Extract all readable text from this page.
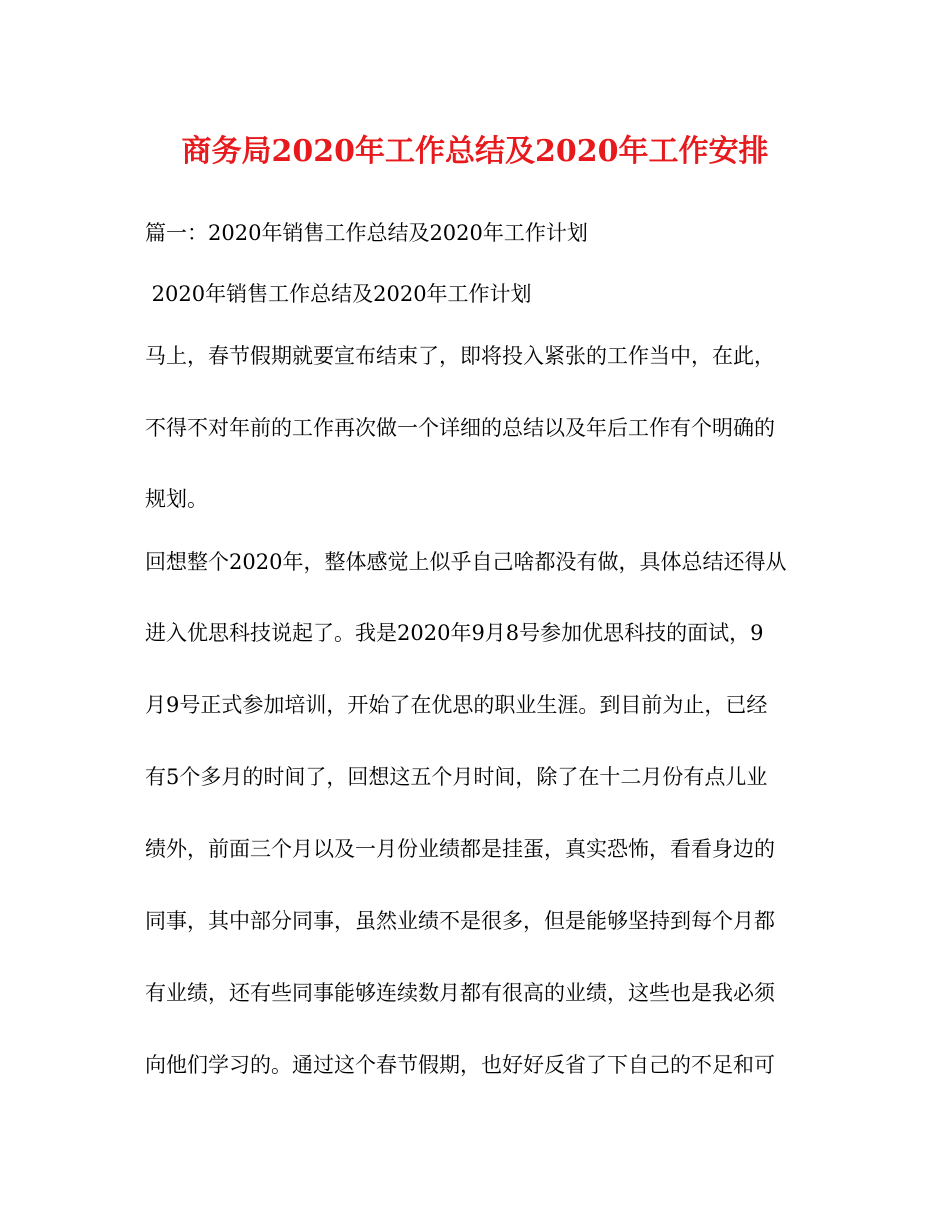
商务局2020年工作总结及2020年工作安排
篇一：2020年销售工作总结及2020年工作计划
2020年销售工作总结及2020年工作计划
马上，春节假期就要宣布结束了，即将投入紧张的工作当中，在此，
不得不对年前的工作再次做一个详细的总结以及年后工作有个明确的
规划。
回想整个2020年，整体感觉上似乎自己啥都没有做，具体总结还得从
进入优思科技说起了。我是2020年9月8号参加优思科技的面试，9
月9号正式参加培训，开始了在优思的职业生涯。到目前为止，已经
有5个多月的时间了，回想这五个月时间，除了在十二月份有点儿业
绩外，前面三个月以及一月份业绩都是挂蛋，真实恐怖，看看身边的
同事，其中部分同事，虽然业绩不是很多，但是能够坚持到每个月都
有业绩，还有些同事能够连续数月都有很高的业绩，这些也是我必须
向他们学习的。通过这个春节假期，也好好反省了下自己的不足和可
